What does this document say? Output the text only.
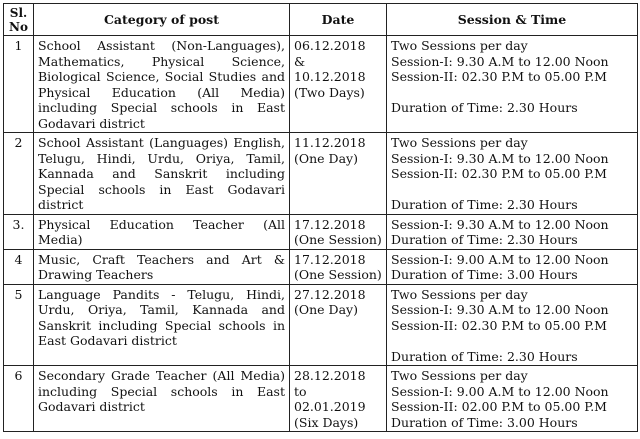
Sl.
No	Category of post	Date	Session & Time
1	School Assistant (Non-Languages), Mathematics, Physical Science, Biological Science, Social Studies and Physical Education (All Media) including Special schools in East Godavari district	06.12.2018
&
10.12.2018
(Two Days)	Two Sessions per day
Session-I: 9.30 A.M to 12.00 Noon
Session-II: 02.30 P.M to 05.00 P.M
Duration of Time: 2.30 Hours

2	School Assistant (Languages) English, Telugu, Hindi, Urdu, Oriya, Tamil, Kannada and Sanskrit including Special schools in East Godavari district	11.12.2018
(One Day)	Two Sessions per day
Session-I: 9.30 A.M to 12.00 Noon
Session-II: 02.30 P.M to 05.00 P.M
Duration of Time: 2.30 Hours

3.	Physical Education Teacher (All Media)	17.12.2018
(One Session)	Session-I: 9.30 A.M to 12.00 Noon
Duration of Time: 2.30 Hours

4	Music, Craft Teachers and Art & Drawing Teachers	17.12.2018
(One Session)	Session-I: 9.00 A.M to 12.00 Noon
Duration of Time: 3.00 Hours

5	Language Pandits - Telugu, Hindi, Urdu, Oriya, Tamil, Kannada and Sanskrit including Special schools in East Godavari district	27.12.2018
(One Day)	Two Sessions per day
Session-I: 9.30 A.M to 12.00 Noon
Session-II: 02.30 P.M to 05.00 P.M
Duration of Time: 2.30 Hours

6	Secondary Grade Teacher (All Media) including Special schools in East Godavari district	28.12.2018
to
02.01.2019
(Six Days)	Two Sessions per day
Session-I: 9.00 A.M to 12.00 Noon
Session-II: 02.00 P.M to 05.00 P.M
Duration of Time: 3.00 Hours
